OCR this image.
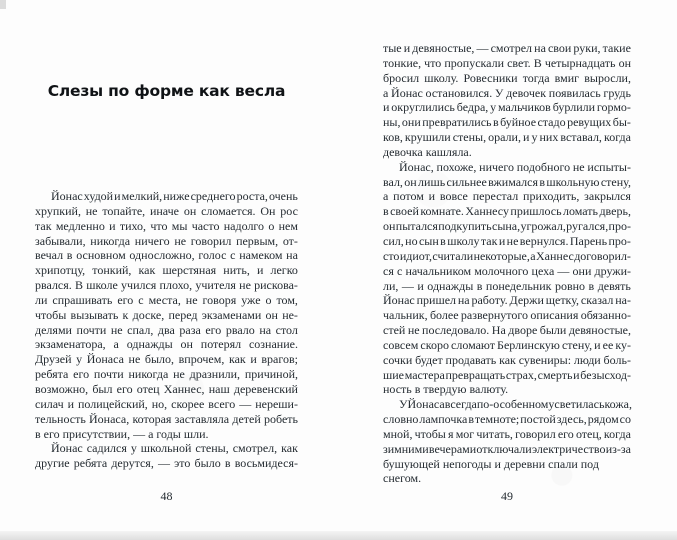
Слезы по форме как весла
Йонас худой и мелкий, ниже среднего роста, очень
хрупкий, не топайте, иначе он сломается. Он рос
так медленно и тихо, что мы часто надолго о нем
забывали, никогда ничего не говорил первым, от-
вечал в основном односложно, голос с намеком на
хрипотцу, тонкий, как шерстяная нить, и легко
рвался. В школе учился плохо, учителя не рискова-
ли спрашивать его с места, не говоря уже о том,
чтобы вызывать к доске, перед экзаменами он не-
делями почти не спал, два раза его рвало на стол
экзаменатора, а однажды он потерял сознание.
Друзей у Йонаса не было, впрочем, как и врагов;
ребята его почти никогда не дразнили, причиной,
возможно, был его отец Ханнес, наш деревенский
силач и полицейский, но, скорее всего — нереши-
тельность Йонаса, которая заставляла детей робеть
в его присутствии, — а годы шли.
Йонас садился у школьной стены, смотрел, как
другие ребята дерутся, — это было в восьмидеся-
тые и девяностые, — смотрел на свои руки, такие
тонкие, что пропускали свет. В четырнадцать он
бросил школу. Ровесники тогда вмиг выросли,
а Йонас остановился. У девочек появилась грудь
и округлились бедра, у мальчиков бурлили гормо-
ны, они превратились в буйное стадо ревущих бы-
ков, крушили стены, орали, и у них вставал, когда
девочка кашляла.
Йонас, похоже, ничего подобного не испыты-
вал, он лишь сильнее вжимался в школьную стену,
а потом и вовсе перестал приходить, закрылся
в своей комнате. Ханнесу пришлось ломать дверь,
он пытался подкупить сына, угрожал, ругался, про-
сил, но сын в школу так и не вернулся. Парень про-
сто идиот, считали некоторые, а Ханнес договорил-
ся с начальником молочного цеха — они дружи-
ли, — и однажды в понедельник ровно в девять
Йонас пришел на работу. Держи щетку, сказал на-
чальник, более развернутого описания обязанно-
стей не последовало. На дворе были девяностые,
совсем скоро сломают Берлинскую стену, и ее ку-
сочки будет продавать как сувениры: люди боль-
шие мастера превращать страх, смерть и безысход-
ность в твердую валюту.
У Йонаса всегда по-особенному светилась кожа,
словно лампочка в темноте; постой здесь, рядом со
мной, чтобы я мог читать, говорил его отец, когда
зимними вечерами отключали электричество из-за
бушующей непогоды и деревни спали под снегом.
48	49
